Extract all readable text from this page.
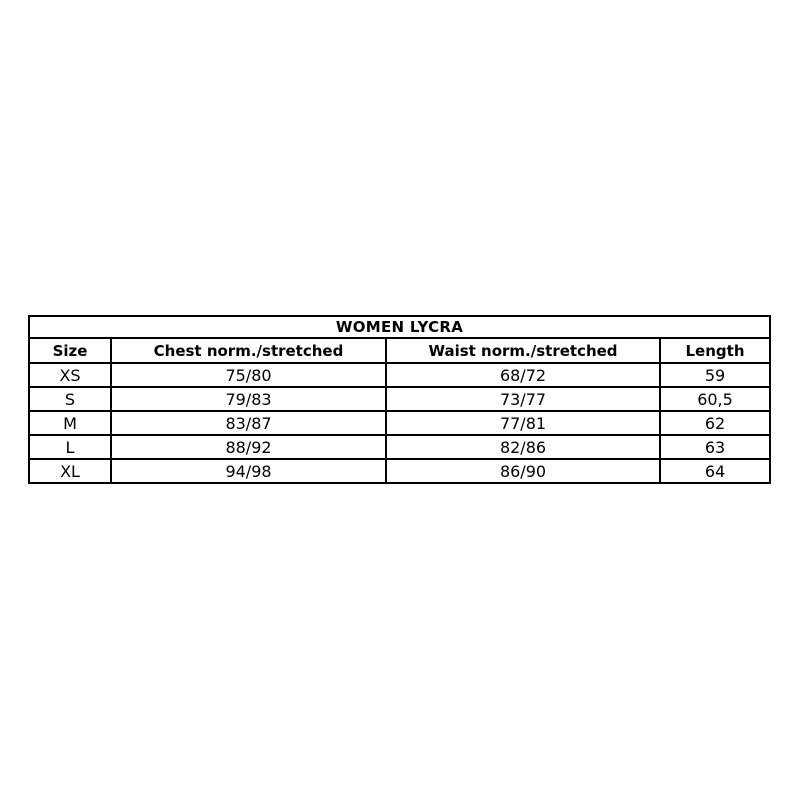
WOMEN LYCRA			
Size	Chest norm./stretched	Waist norm./stretched	Length
XS	75/80	68/72	59
S	79/83	73/77	60,5
M	83/87	77/81	62
L	88/92	82/86	63
XL	94/98	86/90	64
